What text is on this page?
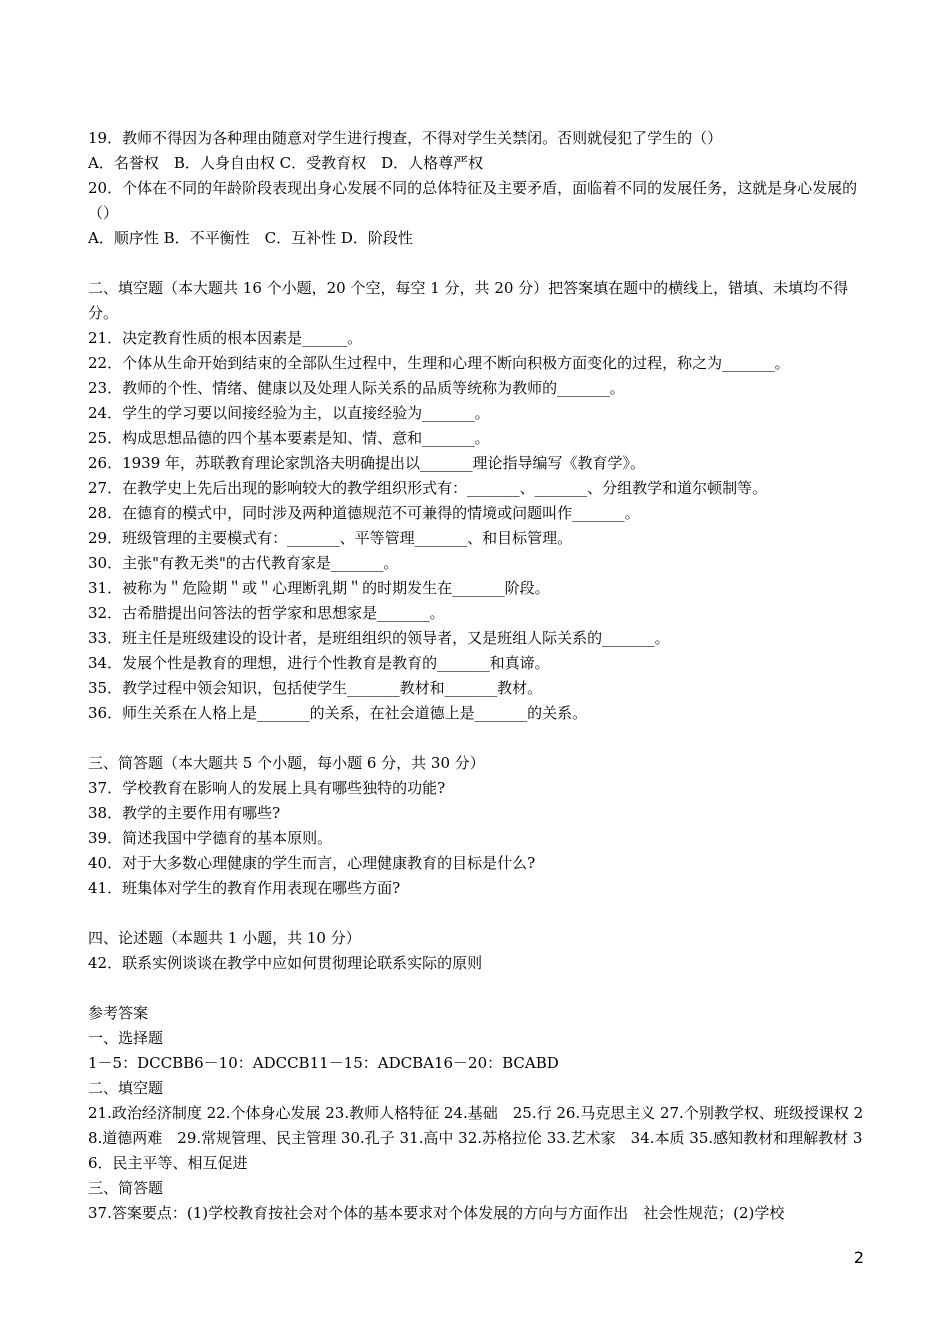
19．教师不得因为各种理由随意对学生进行搜查，不得对学生关禁闭。否则就侵犯了学生的（）

A．名誉权　B．人身自由权 C．受教育权　D．人格尊严权

20．个体在不同的年龄阶段表现出身心发展不同的总体特征及主要矛盾，面临着不同的发展任务，这就是身心发展的（）

A．顺序性 B．不平衡性　C．互补性 D．阶段性

二、填空题（本大题共 16 个小题，20 个空，每空 1 分，共 20 分）把答案填在题中的横线上，错填、未填均不得分。

21．决定教育性质的根本因素是______。

22．个体从生命开始到结束的全部队生过程中，生理和心理不断向积极方面变化的过程，称之为_______。

23．教师的个性、情绪、健康以及处理人际关系的品质等统称为教师的_______。

24．学生的学习要以间接经验为主，以直接经验为_______。

25．构成思想品德的四个基本要素是知、情、意和_______。

26．1939 年，苏联教育理论家凯洛夫明确提出以_______理论指导编写《教育学》。

27．在教学史上先后出现的影响较大的教学组织形式有：_______、_______、分组教学和道尔顿制等。

28．在德育的模式中，同时涉及两种道德规范不可兼得的情境或问题叫作_______。

29．班级管理的主要模式有：_______、平等管理_______、和目标管理。

30．主张"有教无类"的古代教育家是_______。

31．被称为＂危险期＂或＂心理断乳期＂的时期发生在_______阶段。

32．古希腊提出问答法的哲学家和思想家是_______。

33．班主任是班级建设的设计者，是班组组织的领导者，又是班组人际关系的_______。

34．发展个性是教育的理想，进行个性教育是教育的_______和真谛。

35．教学过程中领会知识，包括使学生_______教材和_______教材。

36．师生关系在人格上是_______的关系，在社会道德上是_______的关系。

三、简答题（本大题共 5 个小题，每小题 6 分，共 30 分）

37．学校教育在影响人的发展上具有哪些独特的功能?

38．教学的主要作用有哪些?

39．简述我国中学德育的基本原则。

40．对于大多数心理健康的学生而言，心理健康教育的目标是什么?

41．班集体对学生的教育作用表现在哪些方面?

四、论述题（本题共 1 小题，共 10 分）

42．联系实例谈谈在教学中应如何贯彻理论联系实际的原则

参考答案

一、选择题

1－5：DCCBB6－10：ADCCB11－15：ADCBA16－20：BCABD

二、填空题

21.政治经济制度 22.个体身心发展 23.教师人格特征 24.基础　25.行 26.马克思主义 27.个别教学权、班级授课权 28.道德两难　29.常规管理、民主管理 30.孔子 31.高中 32.苏格拉伦 33.艺术家　34.本质 35.感知教材和理解教材 36．民主平等、相互促进

三、简答题

37.答案要点：(1)学校教育按社会对个体的基本要求对个体发展的方向与方面作出　社会性规范；(2)学校

2
